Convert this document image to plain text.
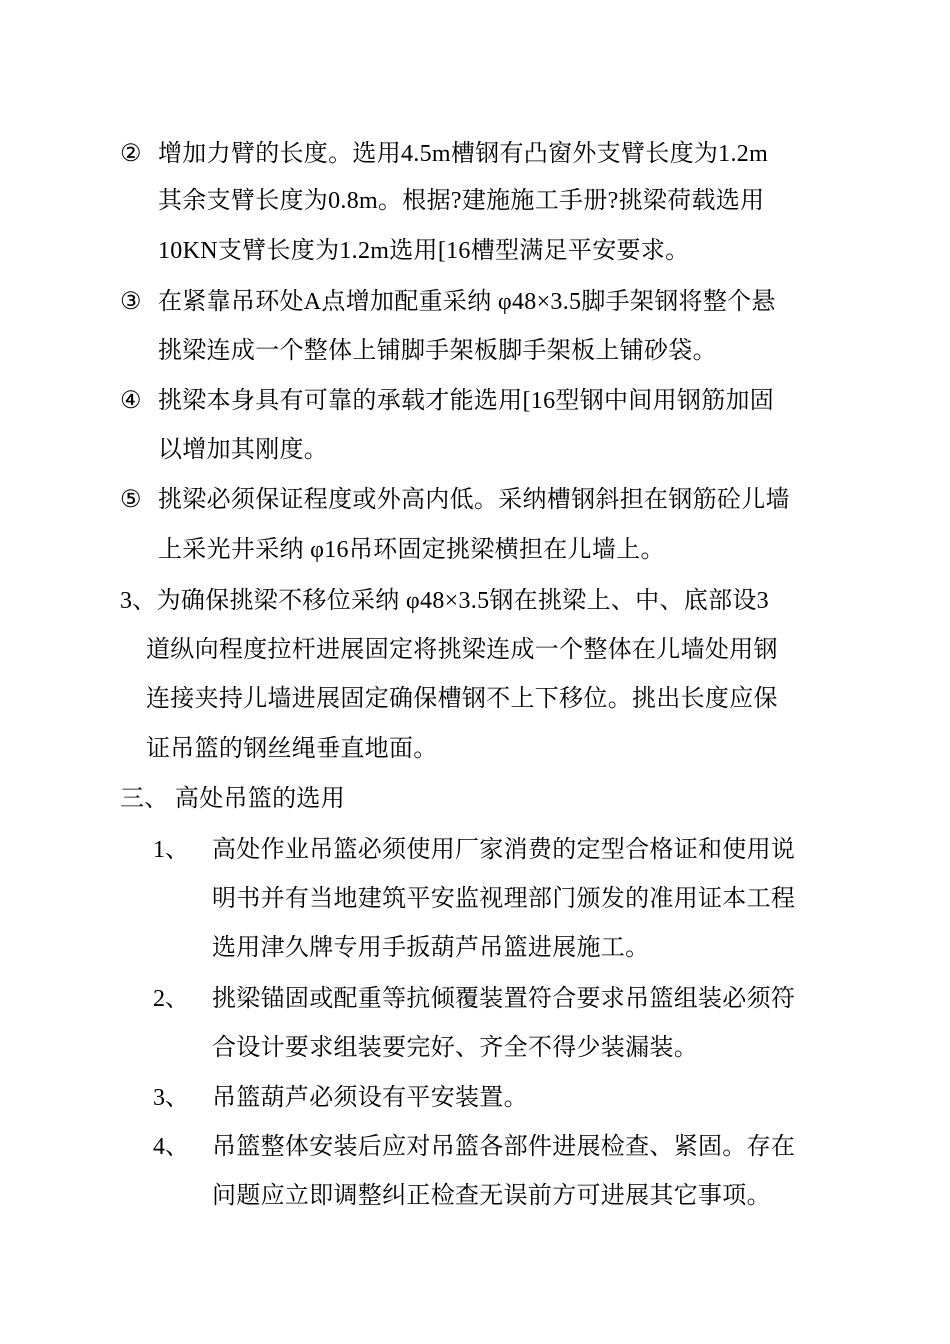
② 增加力臂的长度。选用4.5m槽钢有凸窗外支臂长度为1.2m
其余支臂长度为0.8m。根据?建施施工手册?挑梁荷载选用
10KN支臂长度为1.2m选用[16槽型满足平安要求。
③ 在紧靠吊环处A点增加配重采纳 φ48×3.5脚手架钢将整个悬
挑梁连成一个整体上铺脚手架板脚手架板上铺砂袋。
④ 挑梁本身具有可靠的承载才能选用[16型钢中间用钢筋加固
以增加其刚度。
⑤ 挑梁必须保证程度或外高内低。采纳槽钢斜担在钢筋砼儿墙
上采光井采纳 φ16吊环固定挑梁横担在儿墙上。
3、为确保挑梁不移位采纳 φ48×3.5钢在挑梁上、中、底部设3
道纵向程度拉杆进展固定将挑梁连成一个整体在儿墙处用钢
连接夹持儿墙进展固定确保槽钢不上下移位。挑出长度应保
证吊篮的钢丝绳垂直地面。
三、 高处吊篮的选用
1、 高处作业吊篮必须使用厂家消费的定型合格证和使用说
明书并有当地建筑平安监视理部门颁发的准用证本工程
选用津久牌专用手扳葫芦吊篮进展施工。
2、 挑梁锚固或配重等抗倾覆装置符合要求吊篮组装必须符
合设计要求组装要完好、齐全不得少装漏装。
3、 吊篮葫芦必须设有平安装置。
4、 吊篮整体安装后应对吊篮各部件进展检查、紧固。存在
问题应立即调整纠正检查无误前方可进展其它事项。
